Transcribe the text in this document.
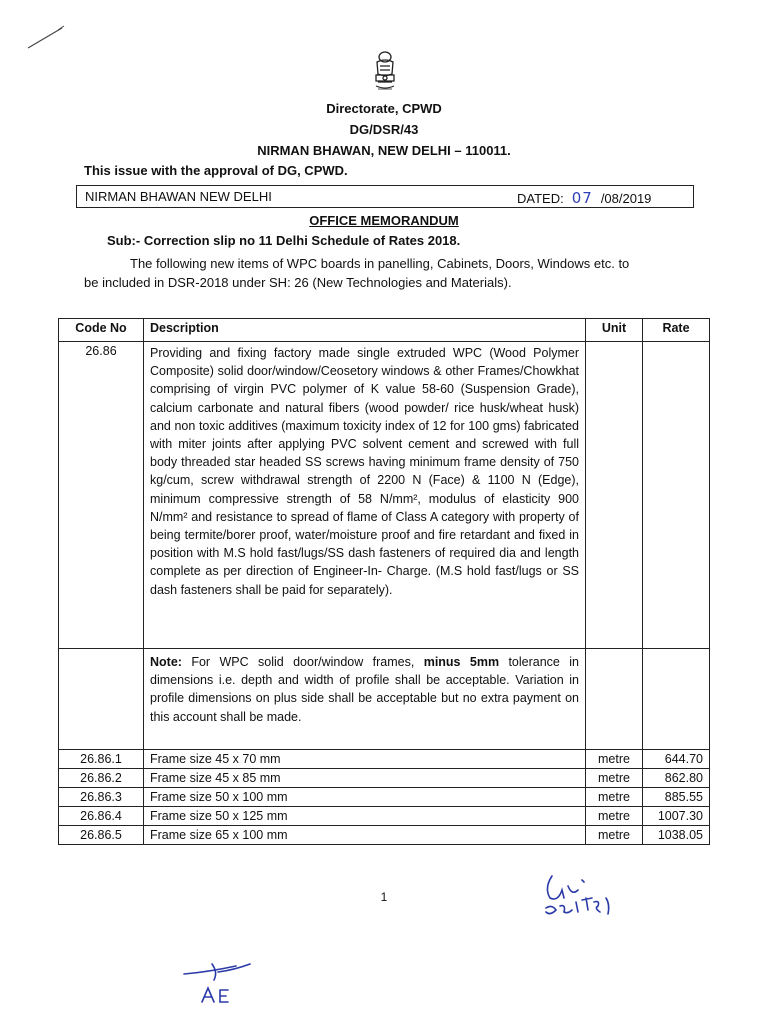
Directorate, CPWD
DG/DSR/43
NIRMAN BHAWAN, NEW DELHI – 110011.
This issue with the approval of DG, CPWD.
NIRMAN BHAWAN NEW DELHI	DATED: 07 /08/2019
OFFICE MEMORANDUM
Sub:- Correction slip no 11 Delhi Schedule of Rates 2018.
The following new items of WPC boards in panelling, Cabinets, Doors, Windows etc. to
be included in DSR-2018 under SH: 26 (New Technologies and Materials).
Code No	Description	Unit	Rate
26.86	Providing and fixing factory made single extruded WPC (Wood Polymer Composite) solid door/window/Ceosetory windows & other Frames/Chowkhat comprising of virgin PVC polymer of K value 58-60 (Suspension Grade), calcium carbonate and natural fibers (wood powder/ rice husk/wheat husk) and non toxic additives (maximum toxicity index of 12 for 100 gms) fabricated with miter joints after applying PVC solvent cement and screwed with full body threaded star headed SS screws having minimum frame density of 750 kg/cum, screw withdrawal strength of 2200 N (Face) & 1100 N (Edge), minimum compressive strength of 58 N/mm², modulus of elasticity 900 N/mm² and resistance to spread of flame of Class A category with property of being termite/borer proof, water/moisture proof and fire retardant and fixed in position with M.S hold fast/lugs/SS dash fasteners of required dia and length complete as per direction of Engineer-In- Charge. (M.S hold fast/lugs or SS dash fasteners shall be paid for separately).		
	Note: For WPC solid door/window frames, minus 5mm tolerance in dimensions i.e. depth and width of profile shall be acceptable. Variation in profile dimensions on plus side shall be acceptable but no extra payment on this account shall be made.		
26.86.1	Frame size 45 x 70 mm	metre	644.70
26.86.2	Frame size 45 x 85 mm	metre	862.80
26.86.3	Frame size 50 x 100 mm	metre	885.55
26.86.4	Frame size 50 x 125 mm	metre	1007.30
26.86.5	Frame size 65 x 100 mm	metre	1038.05
1
